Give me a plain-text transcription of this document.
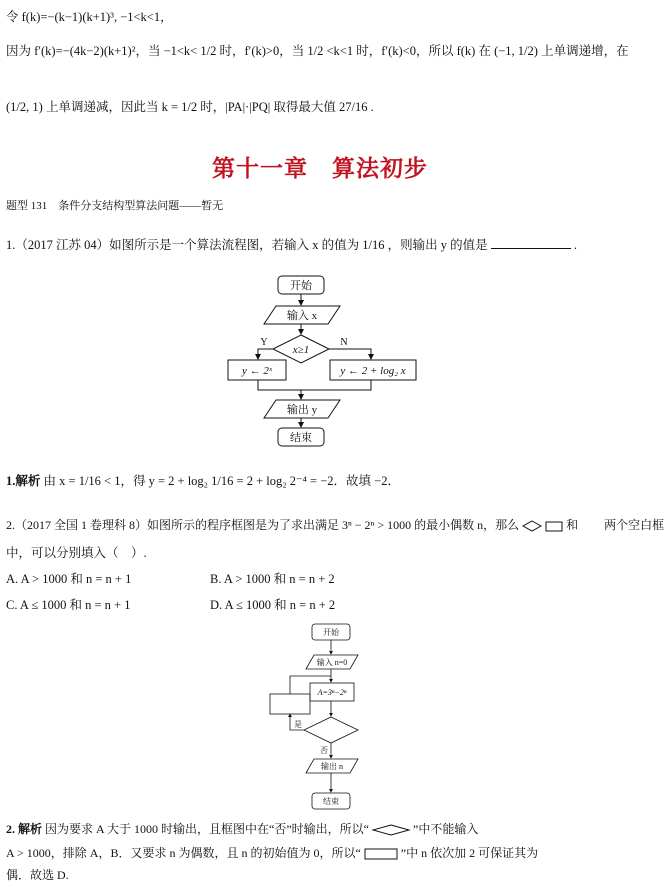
令 f(k)=−(k−1)(k+1)³, −1<k<1，
因为 f′(k)=−(4k−2)(k+1)²，当 −1<k< 1/2 时，f′(k)>0，当 1/2 <k<1 时，f′(k)<0，所以 f(k) 在 (−1, 1/2) 上单调递增，在
(1/2, 1) 上单调递减，因此当 k = 1/2 时，|PA|·|PQ| 取得最大值 27/16 .
第十一章　算法初步
题型 131　条件分支结构型算法问题——暂无
1.（2017 江苏 04）如图所示是一个算法流程图，若输入 x 的值为 1/16 ，则输出 y 的值是	.
开始
输入 x
x≥1
Y	N
y ← 2ˣ	y ← 2 + log₂ x
输出 y
结束
1.解析 由 x = 1/16 < 1，得 y = 2 + log₂ 1/16 = 2 + log₂ 2⁻⁴ = −2．故填 −2．
2.（2017 全国 1 卷理科 8）如图所示的程序框图是为了求出满足 3ⁿ − 2ⁿ > 1000 的最小偶数 n，那么	和 两个空白框
中，可以分别填入（　）.
A. A > 1000 和 n = n + 1	B. A > 1000 和 n = n + 2
C. A ≤ 1000 和 n = n + 1	D. A ≤ 1000 和 n = n + 2
开始
输入 n=0
A=3ⁿ−2ⁿ
是
否
输出 n
结束
2. 解析 因为要求 A 大于 1000 时输出，且框图中在“否”时输出，所以“	”中不能输入
A > 1000，排除 A，B．又要求 n 为偶数，且 n 的初始值为 0，所以“	”中 n 依次加 2 可保证其为
偶．故选 D.
